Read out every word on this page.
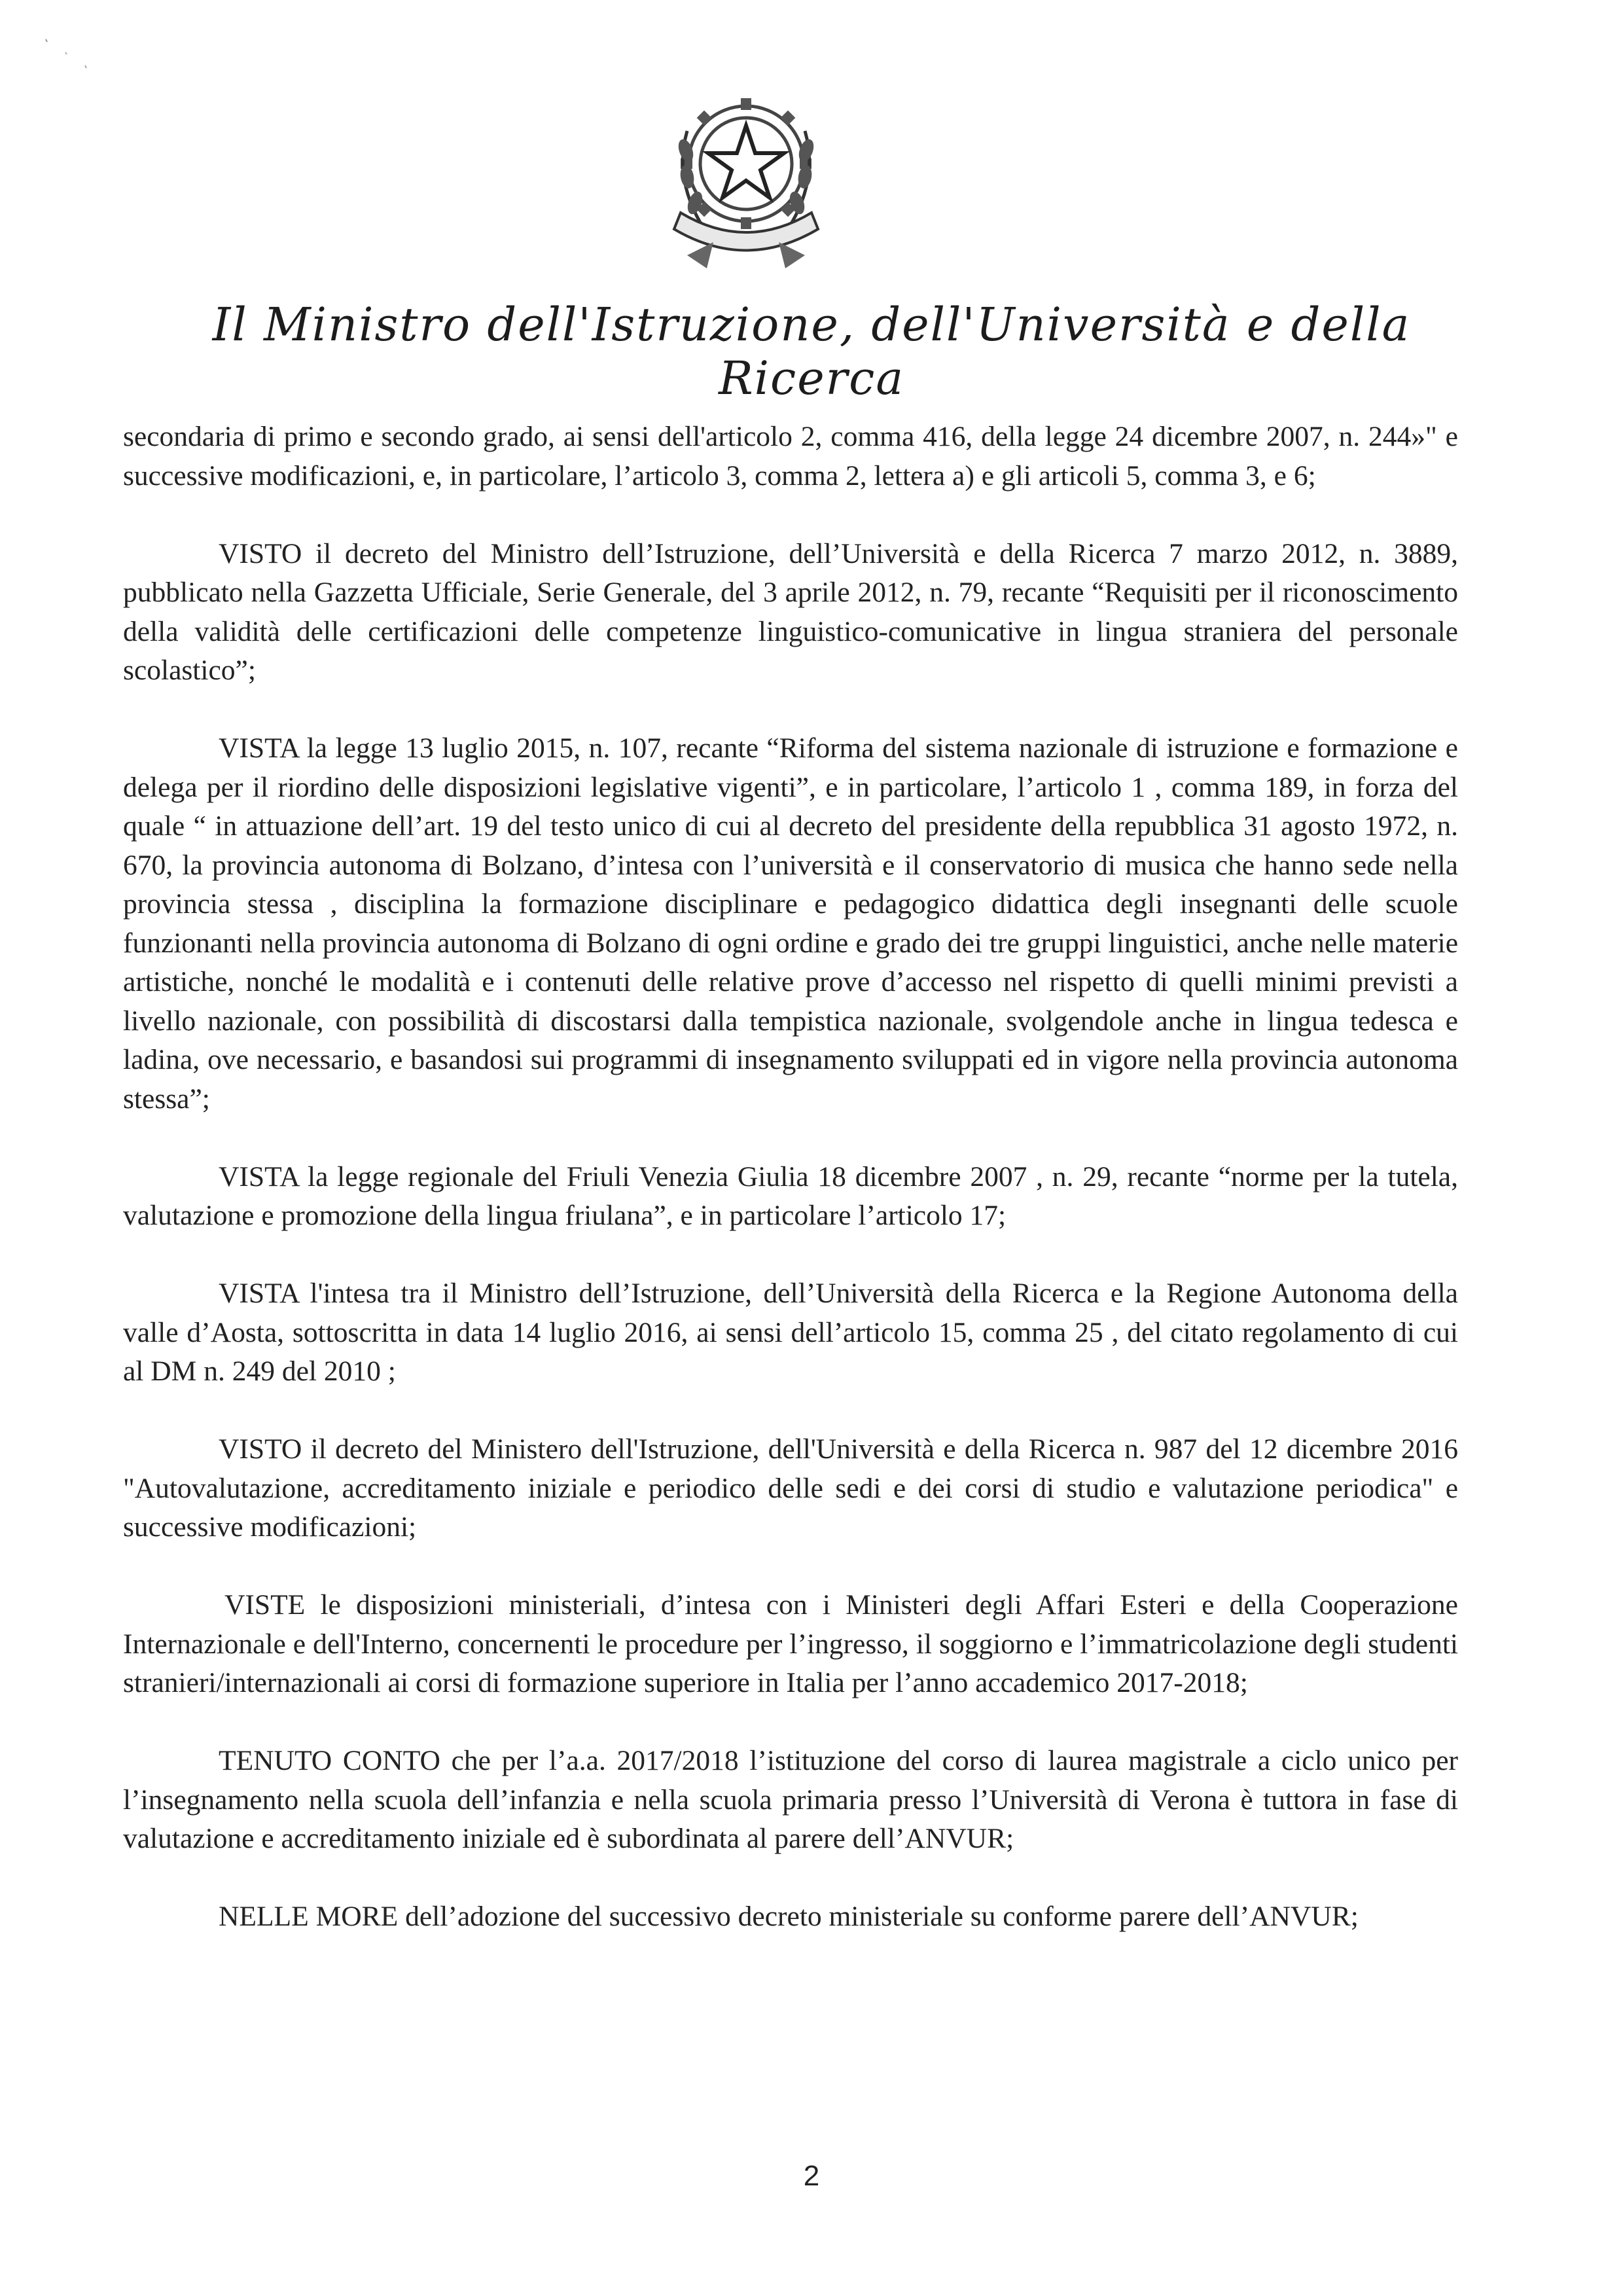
Il Ministro dell'Istruzione, dell'Università e della Ricerca

secondaria di primo e secondo grado, ai sensi dell'articolo 2, comma 416, della legge 24 dicembre 2007, n. 244»" e successive modificazioni, e, in particolare, l’articolo 3, comma 2, lettera a) e gli articoli 5, comma 3, e 6;

VISTO il decreto del Ministro dell’Istruzione, dell’Università e della Ricerca 7 marzo 2012, n. 3889, pubblicato nella Gazzetta Ufficiale, Serie Generale, del 3 aprile 2012, n. 79, recante “Requisiti per il riconoscimento della validità delle certificazioni delle competenze linguistico-comunicative in lingua straniera del personale scolastico”;

VISTA la legge 13 luglio 2015, n. 107, recante “Riforma del sistema nazionale di istruzione e formazione e delega per il riordino delle disposizioni legislative vigenti”, e in particolare, l’articolo 1 , comma 189, in forza del quale “ in attuazione dell’art. 19 del testo unico di cui al decreto del presidente della repubblica 31 agosto 1972, n. 670, la provincia autonoma di Bolzano, d’intesa con l’università e il conservatorio di musica che hanno sede nella provincia stessa , disciplina la formazione disciplinare e pedagogico didattica degli insegnanti delle scuole funzionanti nella provincia autonoma di Bolzano di ogni ordine e grado dei tre gruppi linguistici, anche nelle materie artistiche, nonché le modalità e i contenuti delle relative prove d’accesso nel rispetto di quelli minimi previsti a livello nazionale, con possibilità di discostarsi dalla tempistica nazionale, svolgendole anche in lingua tedesca e ladina, ove necessario, e basandosi sui programmi di insegnamento sviluppati ed in vigore nella provincia autonoma stessa”;

VISTA la legge regionale del Friuli Venezia Giulia 18 dicembre 2007 , n. 29, recante “norme per la tutela, valutazione e promozione della lingua friulana”, e in particolare l’articolo 17;

VISTA l'intesa tra il Ministro dell’Istruzione, dell’Università della Ricerca e la Regione Autonoma della valle d’Aosta, sottoscritta in data 14 luglio 2016, ai sensi dell’articolo 15, comma 25 , del citato regolamento di cui al DM n. 249 del 2010 ;

VISTO il decreto del Ministero dell'Istruzione, dell'Università e della Ricerca n. 987 del 12 dicembre 2016 "Autovalutazione, accreditamento iniziale e periodico delle sedi e dei corsi di studio e valutazione periodica" e successive modificazioni;

VISTE le disposizioni ministeriali, d’intesa con i Ministeri degli Affari Esteri e della Cooperazione Internazionale e dell'Interno, concernenti le procedure per l’ingresso, il soggiorno e l’immatricolazione degli studenti stranieri/internazionali ai corsi di formazione superiore in Italia per l’anno accademico 2017-2018;

TENUTO CONTO che per l’a.a. 2017/2018 l’istituzione del corso di laurea magistrale a ciclo unico per l’insegnamento nella scuola dell’infanzia e nella scuola primaria presso l’Università di Verona è tuttora in fase di valutazione e accreditamento iniziale ed è subordinata al parere dell’ANVUR;

NELLE MORE dell’adozione del successivo decreto ministeriale su conforme parere dell’ANVUR;

2
